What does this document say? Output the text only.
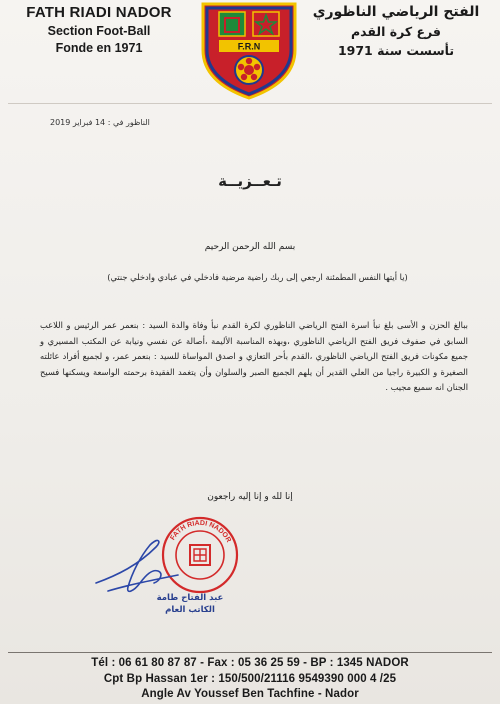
FATH RIADI NADOR
Section Foot-Ball
Fonde en 1971	F.R.N
الفتح الرياضي الناظوري
فرع كرة القدم
تأسست سنة 1971
الناظور في : 14 فبراير 2019
تـعــزيــة
بسم الله الرحمن الرحيم
(يا أيتها النفس المطمئنة ارجعي إلى ربك راضية مرضية فادخلي في عبادي وادخلي جنتي)
ببالغ الحزن و الأسى بلغ نبأ اسرة الفتح الرياضي الناظوري لكرة القدم نبأ وفاة والدة السيد : بنعمر عمر الرئيس و اللاعب السابق في صفوف فريق الفتح الرياضي الناظوري ،وبهذه المناسبة الأليمة ،أصالة عن نفسي ونيابة عن المكتب المسيري و جميع مكونات فريق الفتح الرياضي الناظوري ،القدم بأحر التعازي و اصدق المواساة للسيد : بنعمر عمر، و لجميع أفراد عائلته الصغيرة و الكبيرة راجيا من العلي القدير أن يلهم الجميع الصبر والسلوان وأن يتغمد الفقيدة برحمته الواسعة ويسكنها فسيح الجنان انه سميع مجيب .
إنا لله و إنا إليه راجعون
FATH RIADI NADOR
عبد الفتاح طامة
الكاتب العام
Tél : 06 61 80 87 87 - Fax : 05 36 25 59 - BP : 1345 NADOR
Cpt Bp Hassan 1er : 150/500/21116 9549390 000 4 /25
Angle Av Youssef Ben Tachfine - Nador
